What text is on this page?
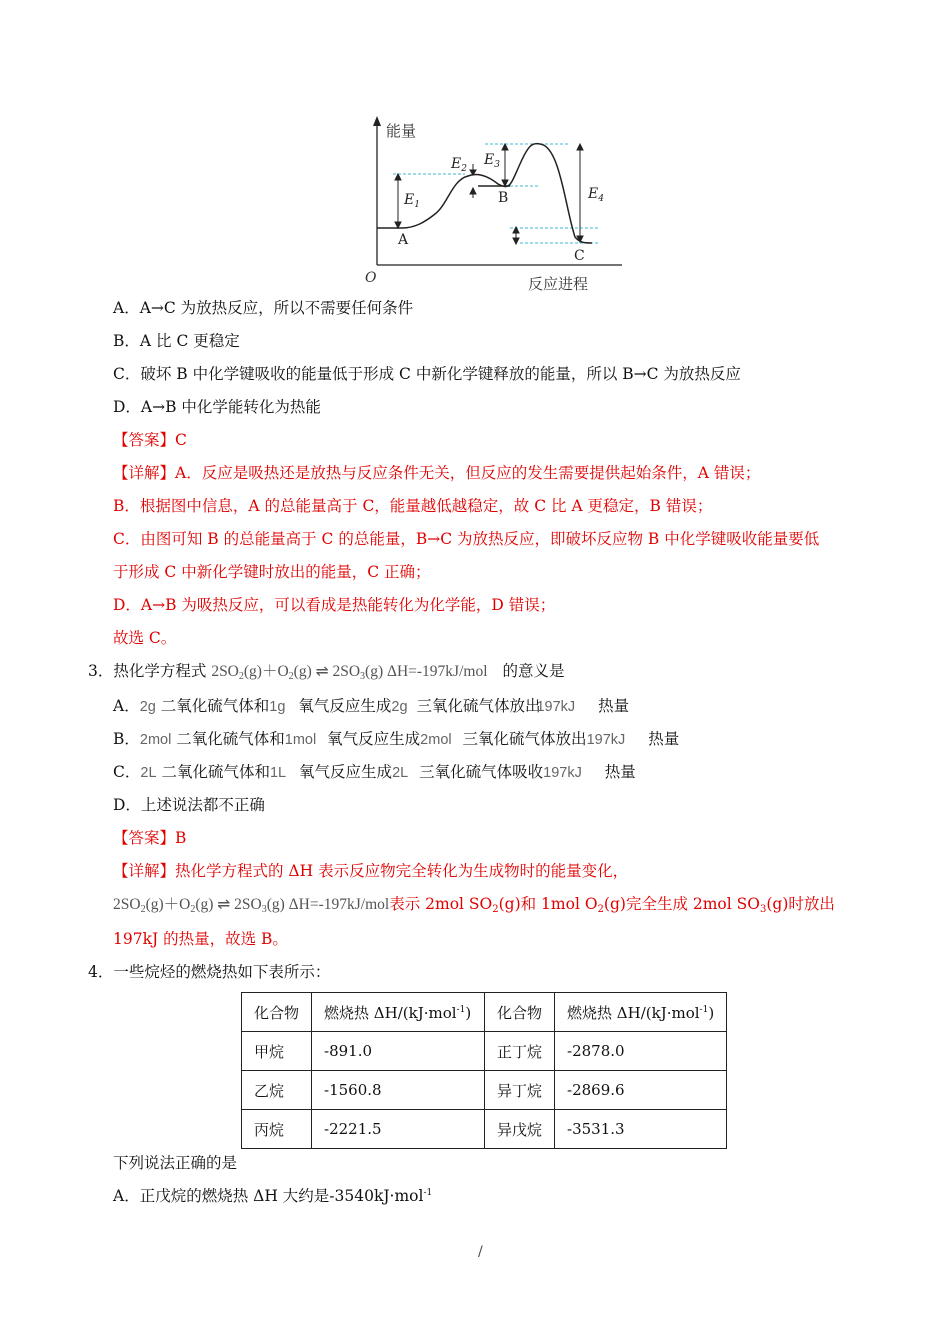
能量
O	反应进程
A
B
C
$E_1$
$E_2$
$E_3$
$E_4$
A．A→C 为放热反应，所以不需要任何条件
B．A 比 C 更稳定
C．破坏 B 中化学键吸收的能量低于形成 C 中新化学键释放的能量，所以 B→C 为放热反应
D．A→B 中化学能转化为热能
【答案】C
【详解】A．反应是吸热还是放热与反应条件无关，但反应的发生需要提供起始条件，A 错误；
B．根据图中信息，A 的总能量高于 C，能量越低越稳定，故 C 比 A 更稳定，B 错误；
C．由图可知 B 的总能量高于 C 的总能量，B→C 为放热反应，即破坏反应物 B 中化学键吸收能量要低
于形成 C 中新化学键时放出的能量，C 正确；
D．A→B 为吸热反应，可以看成是热能转化为化学能，D 错误；
故选 C。
3．热化学方程式 $2SO_2(g)+O_2(g)$ ⇌ $2SO_3(g)$ ΔH=-197kJ/mol 的意义是
A．2g 二氧化硫气体和1g 氧气反应生成2g 三氧化硫气体放出197kJ 热量
B．2mol 二氧化硫气体和1mol 氧气反应生成2mol 三氧化硫气体放出197kJ 热量
C．2L 二氧化硫气体和1L 氧气反应生成2L 三氧化硫气体吸收197kJ 热量
D．上述说法都不正确
【答案】B
【详解】热化学方程式的 ΔH 表示反应物完全转化为生成物时的能量变化，
$2SO_2(g)+O_2(g)$ ⇌ $2SO_3(g)$ ΔH=-197kJ/mol表示 2mol $SO_2(g)$和 1mol $O_2(g)$完全生成 2mol $SO_3(g)$时放出
197kJ 的热量，故选 B。
4．一些烷烃的燃烧热如下表所示：
化合物	燃烧热 ΔH/(kJ·mol$^{-1}$)	化合物	燃烧热 ΔH/(kJ·mol$^{-1}$)
甲烷	-891.0	正丁烷	-2878.0
乙烷	-1560.8	异丁烷	-2869.6
丙烷	-2221.5	异戊烷	-3531.3
下列说法正确的是
A．正戊烷的燃烧热 ΔH 大约是-3540kJ·mol$^{-1}$
/
